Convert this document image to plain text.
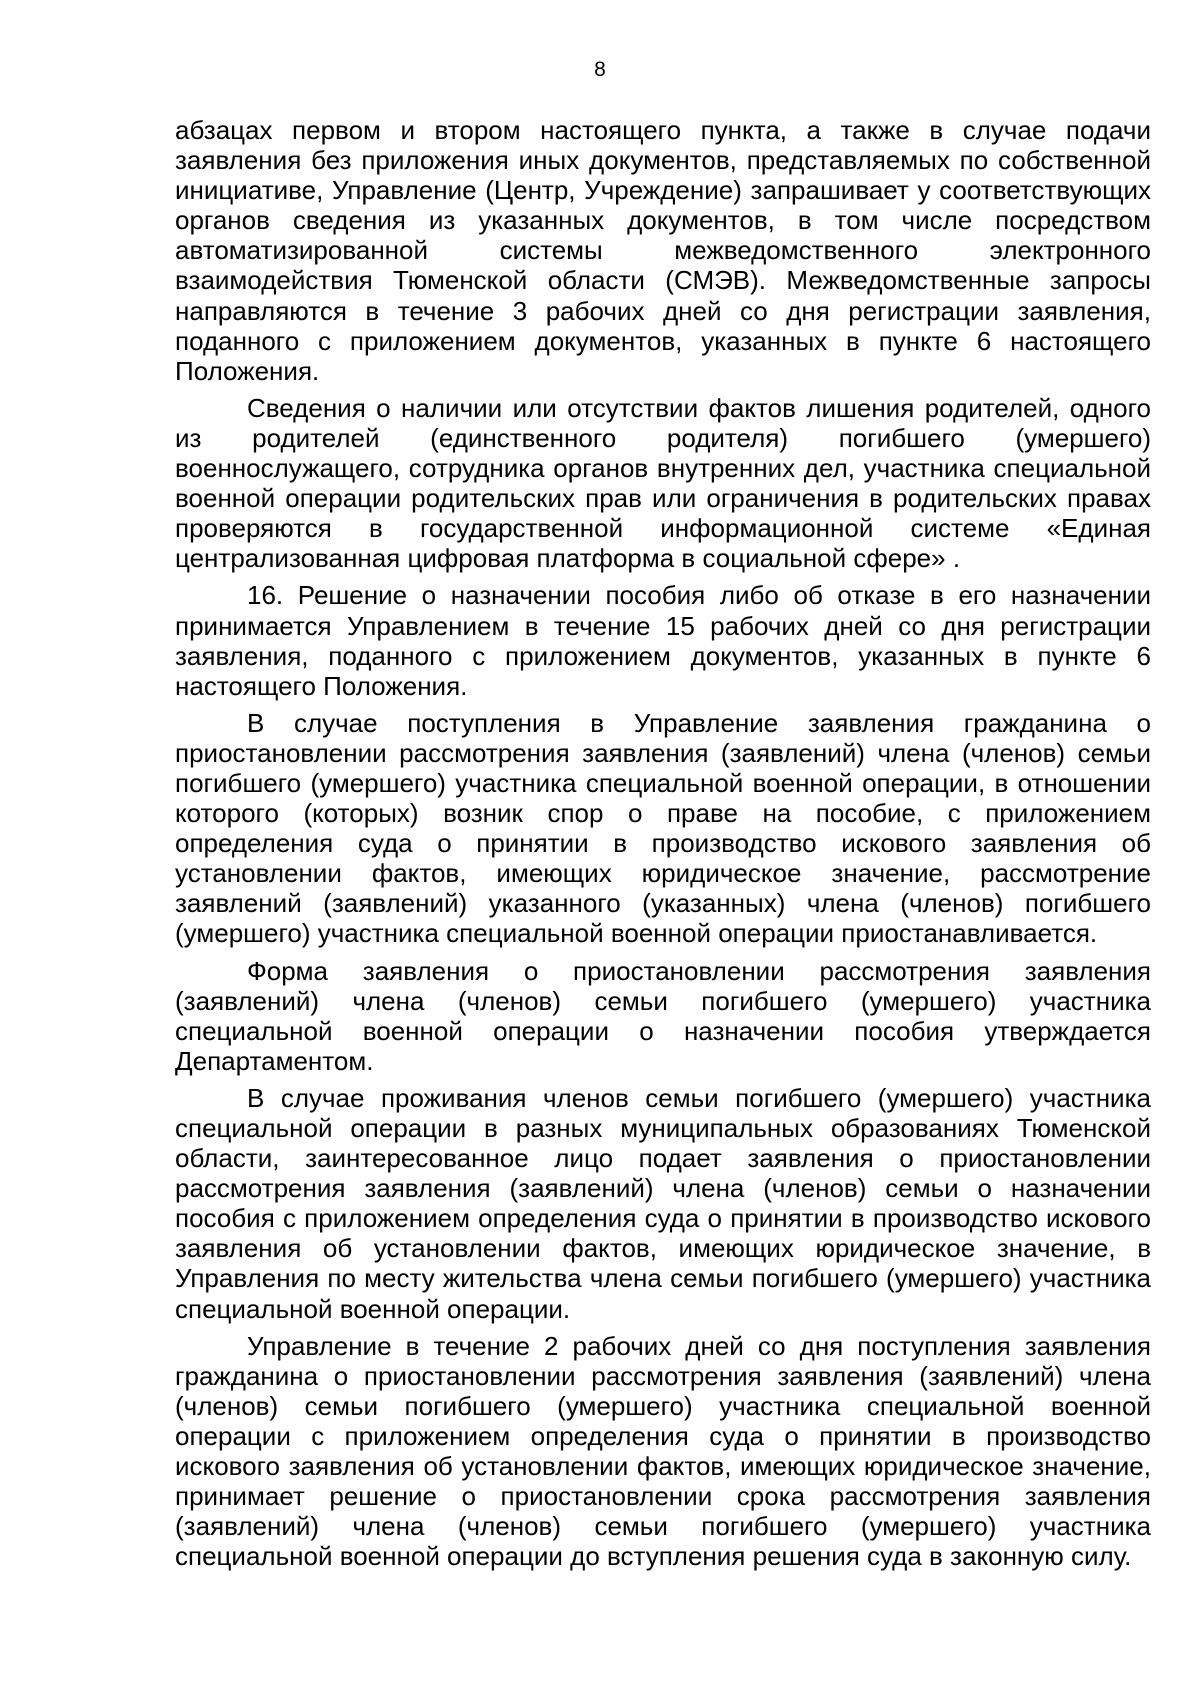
8

абзацах первом и втором настоящего пункта, а также в случае подачи заявления без приложения иных документов, представляемых по собственной инициативе, Управление (Центр, Учреждение) запрашивает у соответствующих органов сведения из указанных документов, в том числе посредством автоматизированной системы межведомственного электронного взаимодействия Тюменской области (СМЭВ). Межведомственные запросы направляются в течение 3 рабочих дней со дня регистрации заявления, поданного с приложением документов, указанных в пункте 6 настоящего Положения.

Сведения о наличии или отсутствии фактов лишения родителей, одного из родителей (единственного родителя) погибшего (умершего) военнослужащего, сотрудника органов внутренних дел, участника специальной военной операции родительских прав или ограничения в родительских правах проверяются в государственной информационной системе «Единая централизованная цифровая платформа в социальной сфере» .

16. Решение о назначении пособия либо об отказе в его назначении принимается Управлением в течение 15 рабочих дней со дня регистрации заявления, поданного с приложением документов, указанных в пункте 6 настоящего Положения.

В случае поступления в Управление заявления гражданина о приостановлении рассмотрения заявления (заявлений) члена (членов) семьи погибшего (умершего) участника специальной военной операции, в отношении которого (которых) возник спор о праве на пособие, с приложением определения суда о принятии в производство искового заявления об установлении фактов, имеющих юридическое значение, рассмотрение заявлений (заявлений) указанного (указанных) члена (членов) погибшего (умершего) участника специальной военной операции приостанавливается.

Форма заявления о приостановлении рассмотрения заявления (заявлений) члена (членов) семьи погибшего (умершего) участника специальной военной операции о назначении пособия утверждается Департаментом.

В случае проживания членов семьи погибшего (умершего) участника специальной операции в разных муниципальных образованиях Тюменской области, заинтересованное лицо подает заявления о приостановлении рассмотрения заявления (заявлений) члена (членов) семьи о назначении пособия с приложением определения суда о принятии в производство искового заявления об установлении фактов, имеющих юридическое значение, в Управления по месту жительства члена семьи погибшего (умершего) участника специальной военной операции.

Управление в течение 2 рабочих дней со дня поступления заявления гражданина о приостановлении рассмотрения заявления (заявлений) члена (членов) семьи погибшего (умершего) участника специальной военной операции с приложением определения суда о принятии в производство искового заявления об установлении фактов, имеющих юридическое значение, принимает решение о приостановлении срока рассмотрения заявления (заявлений) члена (членов) семьи погибшего (умершего) участника специальной военной операции до вступления решения суда в законную силу.
